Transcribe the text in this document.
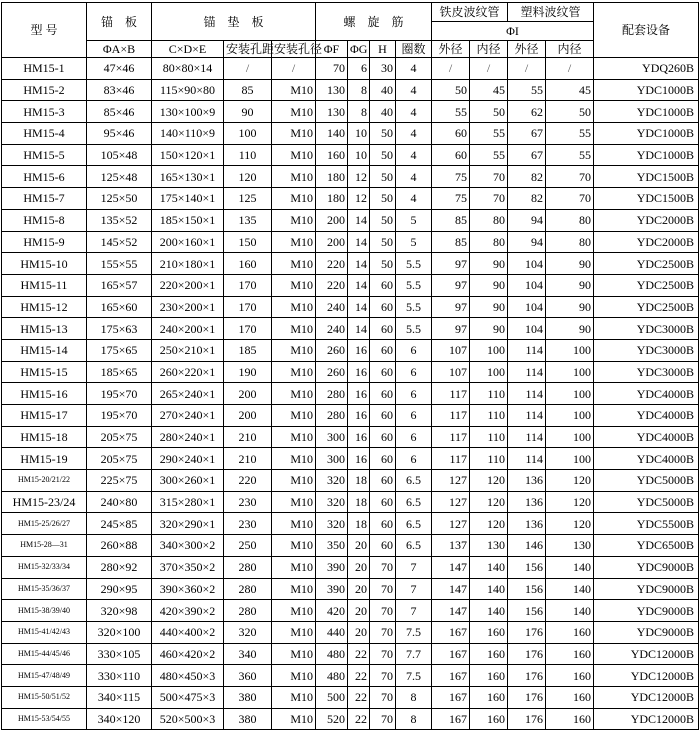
型 号	锚　板	锚　垫　板			螺　旋　筋				铁皮波纹管		塑料波纹管		配套设备
									ΦI				
	ΦA×B	C×D×E	安装孔距	安装孔径	ΦF	ΦG	H	圈数	外径	内径	外径	内径	
HM15-1	47×46	80×80×14	/	/	70	6	30	4	/	/	/	/	YDQ260B
HM15-2	83×46	115×90×80	85	M10	130	8	40	4	50	45	55	45	YDC1000B
HM15-3	85×46	130×100×9	90	M10	130	8	40	4	55	50	62	50	YDC1000B
HM15-4	95×46	140×110×9	100	M10	140	10	50	4	60	55	67	55	YDC1000B
HM15-5	105×48	150×120×1	110	M10	160	10	50	4	60	55	67	55	YDC1000B
HM15-6	125×48	165×130×1	120	M10	180	12	50	4	75	70	82	70	YDC1500B
HM15-7	125×50	175×140×1	125	M10	180	12	50	4	75	70	82	70	YDC1500B
HM15-8	135×52	185×150×1	135	M10	200	14	50	5	85	80	94	80	YDC2000B
HM15-9	145×52	200×160×1	150	M10	200	14	50	5	85	80	94	80	YDC2000B
HM15-10	155×55	210×180×1	160	M10	220	14	50	5.5	97	90	104	90	YDC2500B
HM15-11	165×57	220×200×1	170	M10	220	14	60	5.5	97	90	104	90	YDC2500B
HM15-12	165×60	230×200×1	170	M10	240	14	60	5.5	97	90	104	90	YDC2500B
HM15-13	175×63	240×200×1	170	M10	240	14	60	5.5	97	90	104	90	YDC3000B
HM15-14	175×65	250×210×1	185	M10	260	16	60	6	107	100	114	100	YDC3000B
HM15-15	185×65	260×220×1	190	M10	260	16	60	6	107	100	114	100	YDC3000B
HM15-16	195×70	265×240×1	200	M10	280	16	60	6	117	110	114	100	YDC4000B
HM15-17	195×70	270×240×1	200	M10	280	16	60	6	117	110	114	100	YDC4000B
HM15-18	205×75	280×240×1	210	M10	300	16	60	6	117	110	114	100	YDC4000B
HM15-19	205×75	290×240×1	210	M10	300	16	60	6	117	110	114	100	YDC4000B
HM15-20/21/22	225×75	300×260×1	220	M10	320	18	60	6.5	127	120	136	120	YDC5000B
HM15-23/24	240×80	315×280×1	230	M10	320	18	60	6.5	127	120	136	120	YDC5000B
HM15-25/26/27	245×85	320×290×1	230	M10	320	18	60	6.5	127	120	136	120	YDC5500B
HM15-28—31	260×88	340×300×2	250	M10	350	20	60	6.5	137	130	146	130	YDC6500B
HM15-32/33/34	280×92	370×350×2	280	M10	390	20	70	7	147	140	156	140	YDC9000B
HM15-35/36/37	290×95	390×360×2	280	M10	390	20	70	7	147	140	156	140	YDC9000B
HM15-38/39/40	320×98	420×390×2	280	M10	420	20	70	7	147	140	156	140	YDC9000B
HM15-41/42/43	320×100	440×400×2	320	M10	440	20	70	7.5	167	160	176	160	YDC9000B
HM15-44/45/46	330×105	460×420×2	340	M10	480	22	70	7.7	167	160	176	160	YDC12000B
HM15-47/48/49	330×110	480×450×3	360	M10	480	22	70	7.5	167	160	176	160	YDC12000B
HM15-50/51/52	340×115	500×475×3	380	M10	500	22	70	8	167	160	176	160	YDC12000B
HM15-53/54/55	340×120	520×500×3	380	M10	520	22	70	8	167	160	176	160	YDC12000B
